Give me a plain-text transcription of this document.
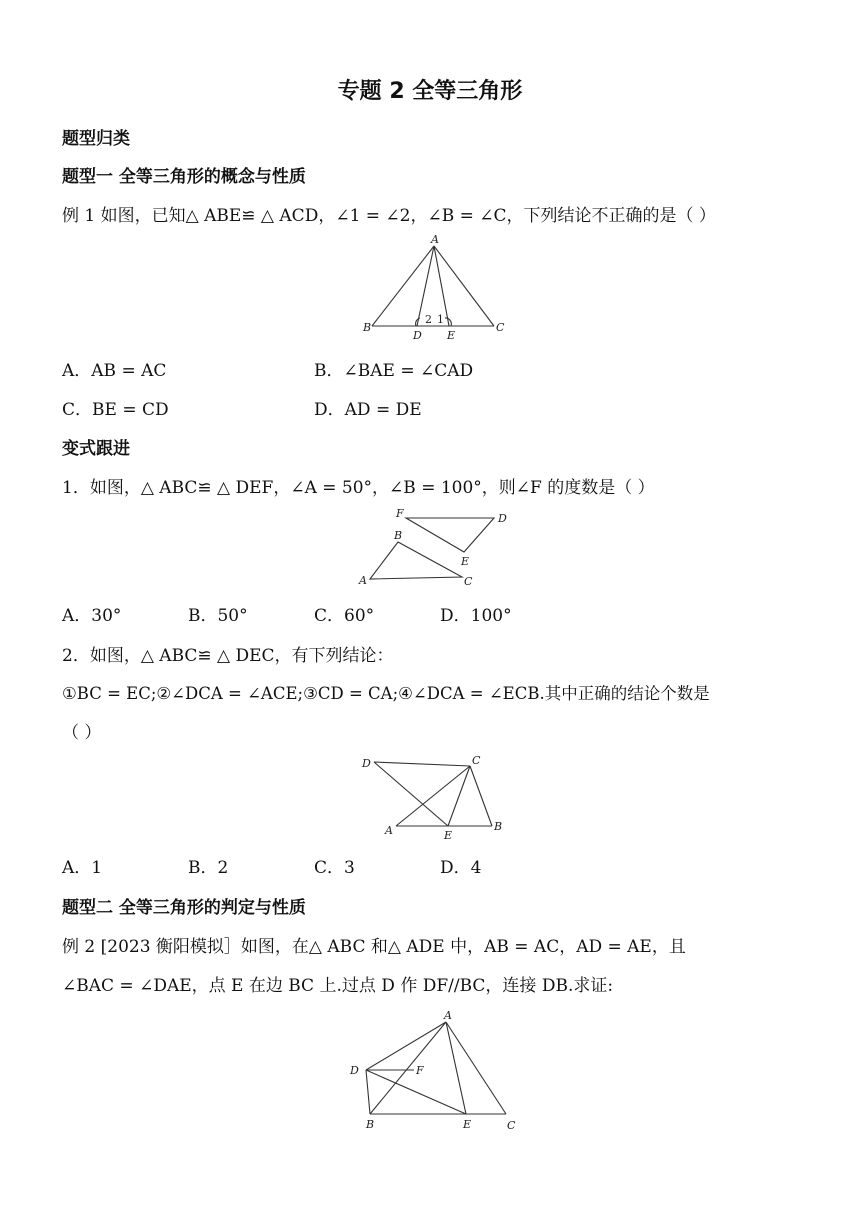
专题 2 全等三角形
题型归类
题型一 全等三角形的概念与性质
例 1 如图，已知△ ABE≌ △ ACD，∠1 = ∠2，∠B = ∠C，下列结论不正确的是（ ）
A
B	C
D E
1
2
A．AB = AC	B．∠BAE = ∠CAD
C．BE = CD	D．AD = DE
变式跟进
1．如图，△ ABC≌ △ DEF，∠A = 50°，∠B = 100°，则∠F 的度数是（ ）
F	D
B
E
A	C
A．30°	B．50°	C．60°	D．100°
2．如图，△ ABC≌ △ DEC，有下列结论：
①BC = EC;②∠DCA = ∠ACE;③CD = CA;④∠DCA = ∠ECB.其中正确的结论个数是
（ ）
D	C
A	E
B
A．1	B．2	C．3	D．4
题型二 全等三角形的判定与性质
例 2 [2023 衡阳模拟］如图，在△ ABC 和△ ADE 中，AB = AC，AD = AE，且
∠BAC = ∠DAE，点 E 在边 BC 上.过点 D 作 DF//BC，连接 DB.求证:
A
D	F
B	E	C
